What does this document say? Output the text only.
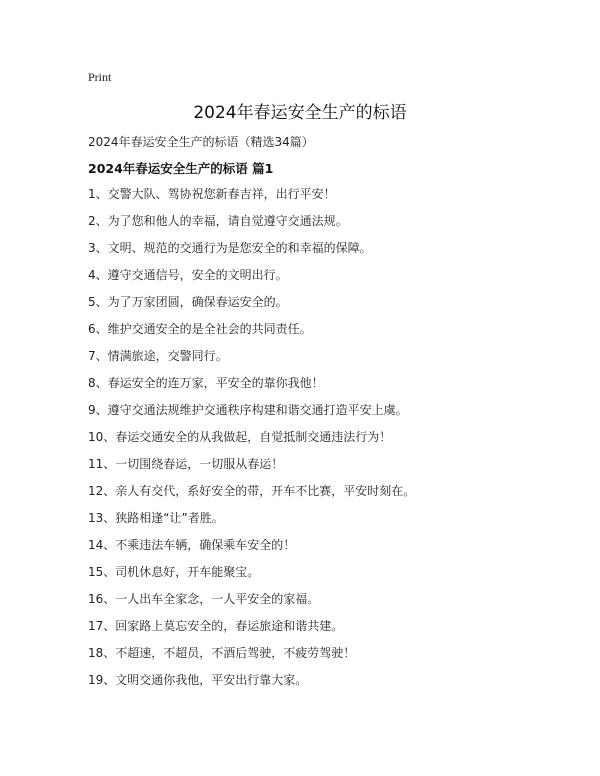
Print
2024年春运安全生产的标语
2024年春运安全生产的标语（精选34篇）
2024年春运安全生产的标语 篇1
1、交警大队、驾协祝您新春吉祥，出行平安！
2、为了您和他人的幸福，请自觉遵守交通法规。
3、文明、规范的交通行为是您安全的和幸福的保障。
4、遵守交通信号，安全的文明出行。
5、为了万家团圆，确保春运安全的。
6、维护交通安全的是全社会的共同责任。
7、情满旅途，交警同行。
8、春运安全的连万家，平安全的靠你我他！
9、遵守交通法规维护交通秩序构建和谐交通打造平安上虞。
10、春运交通安全的从我做起，自觉抵制交通违法行为！
11、一切围绕春运，一切服从春运！
12、亲人有交代，系好安全的带，开车不比赛，平安时刻在。
13、狭路相逢“让”者胜。
14、不乘违法车辆，确保乘车安全的！
15、司机休息好，开车能聚宝。
16、一人出车全家念，一人平安全的家福。
17、回家路上莫忘安全的，春运旅途和谐共建。
18、不超速，不超员，不酒后驾驶，不疲劳驾驶！
19、文明交通你我他，平安出行靠大家。
